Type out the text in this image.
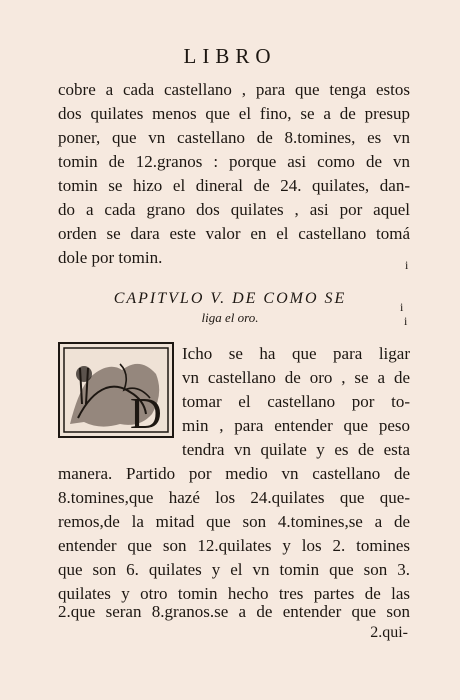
LIBRO
cobre a cada castellano , para que tenga estos
dos quilates menos que el fino, se a de presup
poner, que vn castellano de 8.tomines, es vn
tomin de 12.granos : porque asi como de vn
tomin se hizo el dineral de 24. quilates, dan-
do a cada grano dos quilates , asi por aquel
orden se dara este valor en el castellano tomá
dole por tomin.	i
CAPITVLO V. DE COMO SE
liga el oro.
i
i
D
Icho se ha que para ligar
vn castellano de oro , se a de
tomar el castellano por to-
min , para entender que peso
tendra vn quilate y es de esta
manera. Partido por medio vn castellano de
8.tomines,que hazé los 24.quilates que que-
remos,de la mitad que son 4.tomines,se a de
entender que son 12.quilates y los 2. tomines
que son 6. quilates y el vn tomin que son 3.
quilates y otro tomin hecho tres partes de las
2.que seran 8.granos.se a de entender que son
2.qui-
